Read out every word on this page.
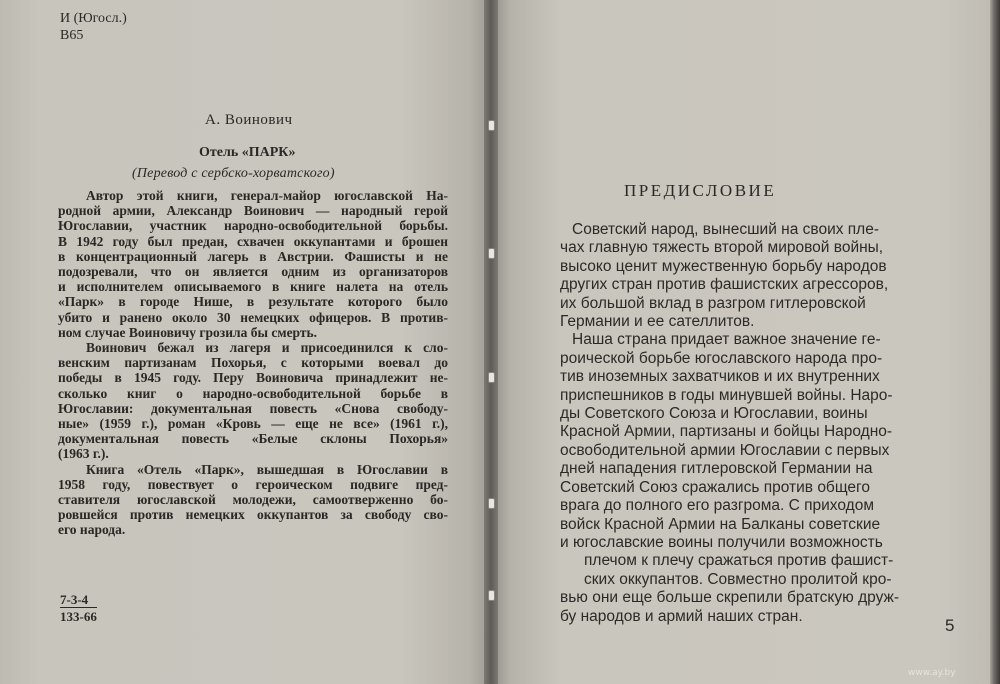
И (Югосл.)
В65
А. Воинович
Отель «ПАРК»
(Перевод с сербско-хорватского)
Автор этой книги, генерал-майор югославской На-
родной армии, Александр Воинович — народный герой
Югославии, участник народно-освободительной борьбы.
В 1942 году был предан, схвачен оккупантами и брошен
в концентрационный лагерь в Австрии. Фашисты и не
подозревали, что он является одним из организаторов
и исполнителем описываемого в книге налета на отель
«Парк» в городе Нише, в результате которого было
убито и ранено около 30 немецких офицеров. В против-
ном случае Воиновичу грозила бы смерть.
Воинович бежал из лагеря и присоединился к сло-
венским партизанам Похорья, с которыми воевал до
победы в 1945 году. Перу Воиновича принадлежит не-
сколько книг о народно-освободительной борьбе в
Югославии: документальная повесть «Снова свободу-
ные» (1959 г.), роман «Кровь — еще не все» (1961 г.),
документальная повесть «Белые склоны Похорья»
(1963 г.).
Книга «Отель «Парк», вышедшая в Югославии в
1958 году, повествует о героическом подвиге пред-
ставителя югославской молодежи, самоотверженно бо-
ровшейся против немецких оккупантов за свободу сво-
его народа.
7-3-4
133-66
ПРЕДИСЛОВИЕ
Советский народ, вынесший на своих пле-
чах главную тяжесть второй мировой войны,
высоко ценит мужественную борьбу народов
других стран против фашистских агрессоров,
их большой вклад в разгром гитлеровской
Германии и ее сателлитов.
Наша страна придает важное значение ге-
роической борьбе югославского народа про-
тив иноземных захватчиков и их внутренних
приспешников в годы минувшей войны. Наро-
ды Советского Союза и Югославии, воины
Красной Армии, партизаны и бойцы Народно-
освободительной армии Югославии с первых
дней нападения гитлеровской Германии на
Советский Союз сражались против общего
врага до полного его разгрома. С приходом
войск Красной Армии на Балканы советские
и югославские воины получили возможность
плечом к плечу сражаться против фашист-
ских оккупантов. Совместно пролитой кро-
вью они еще больше скрепили братскую друж-
бу народов и армий наших стран.	5
www.ay.by
